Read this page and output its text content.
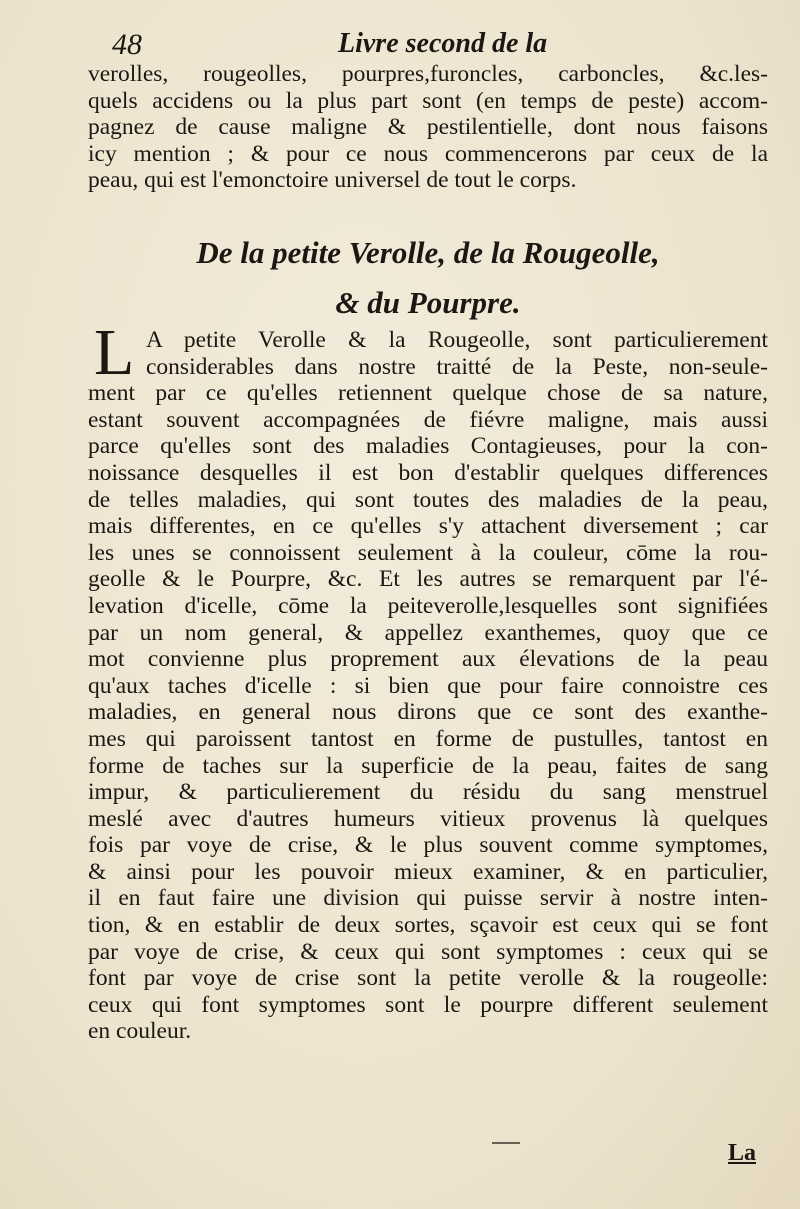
48	Livre second de la
verolles, rougeolles, pourpres,furoncles, carboncles, &c.les-
quels accidens ou la plus part sont (en temps de peste) accom-
pagnez de cause maligne & pestilentielle, dont nous faisons
icy mention ; & pour ce nous commencerons par ceux de la
peau, qui est l'emonctoire universel de tout le corps.
De la petite Verolle, de la Rougeolle,
& du Pourpre.
L A petite Verolle & la Rougeolle, sont particulierement
considerables dans nostre traitté de la Peste, non-seule-
ment par ce qu'elles retiennent quelque chose de sa nature,
estant souvent accompagnées de fiévre maligne, mais aussi
parce qu'elles sont des maladies Contagieuses, pour la con-
noissance desquelles il est bon d'establir quelques differences
de telles maladies, qui sont toutes des maladies de la peau,
mais differentes, en ce qu'elles s'y attachent diversement ; car
les unes se connoissent seulement à la couleur, cōme la rou-
geolle & le Pourpre, &c. Et les autres se remarquent par l'é-
levation d'icelle, cōme la peiteverolle,lesquelles sont signifiées
par un nom general, & appellez exanthemes, quoy que ce
mot convienne plus proprement aux élevations de la peau
qu'aux taches d'icelle : si bien que pour faire connoistre ces
maladies, en general nous dirons que ce sont des exanthe-
mes qui paroissent tantost en forme de pustulles, tantost en
forme de taches sur la superficie de la peau, faites de sang
impur, & particulierement du résidu du sang menstruel
meslé avec d'autres humeurs vitieux provenus là quelques
fois par voye de crise, & le plus souvent comme symptomes,
& ainsi pour les pouvoir mieux examiner, & en particulier,
il en faut faire une division qui puisse servir à nostre inten-
tion, & en establir de deux sortes, sçavoir est ceux qui se font
par voye de crise, & ceux qui sont symptomes : ceux qui se
font par voye de crise sont la petite verolle & la rougeolle:
ceux qui font symptomes sont le pourpre different seulement
en couleur.
La
